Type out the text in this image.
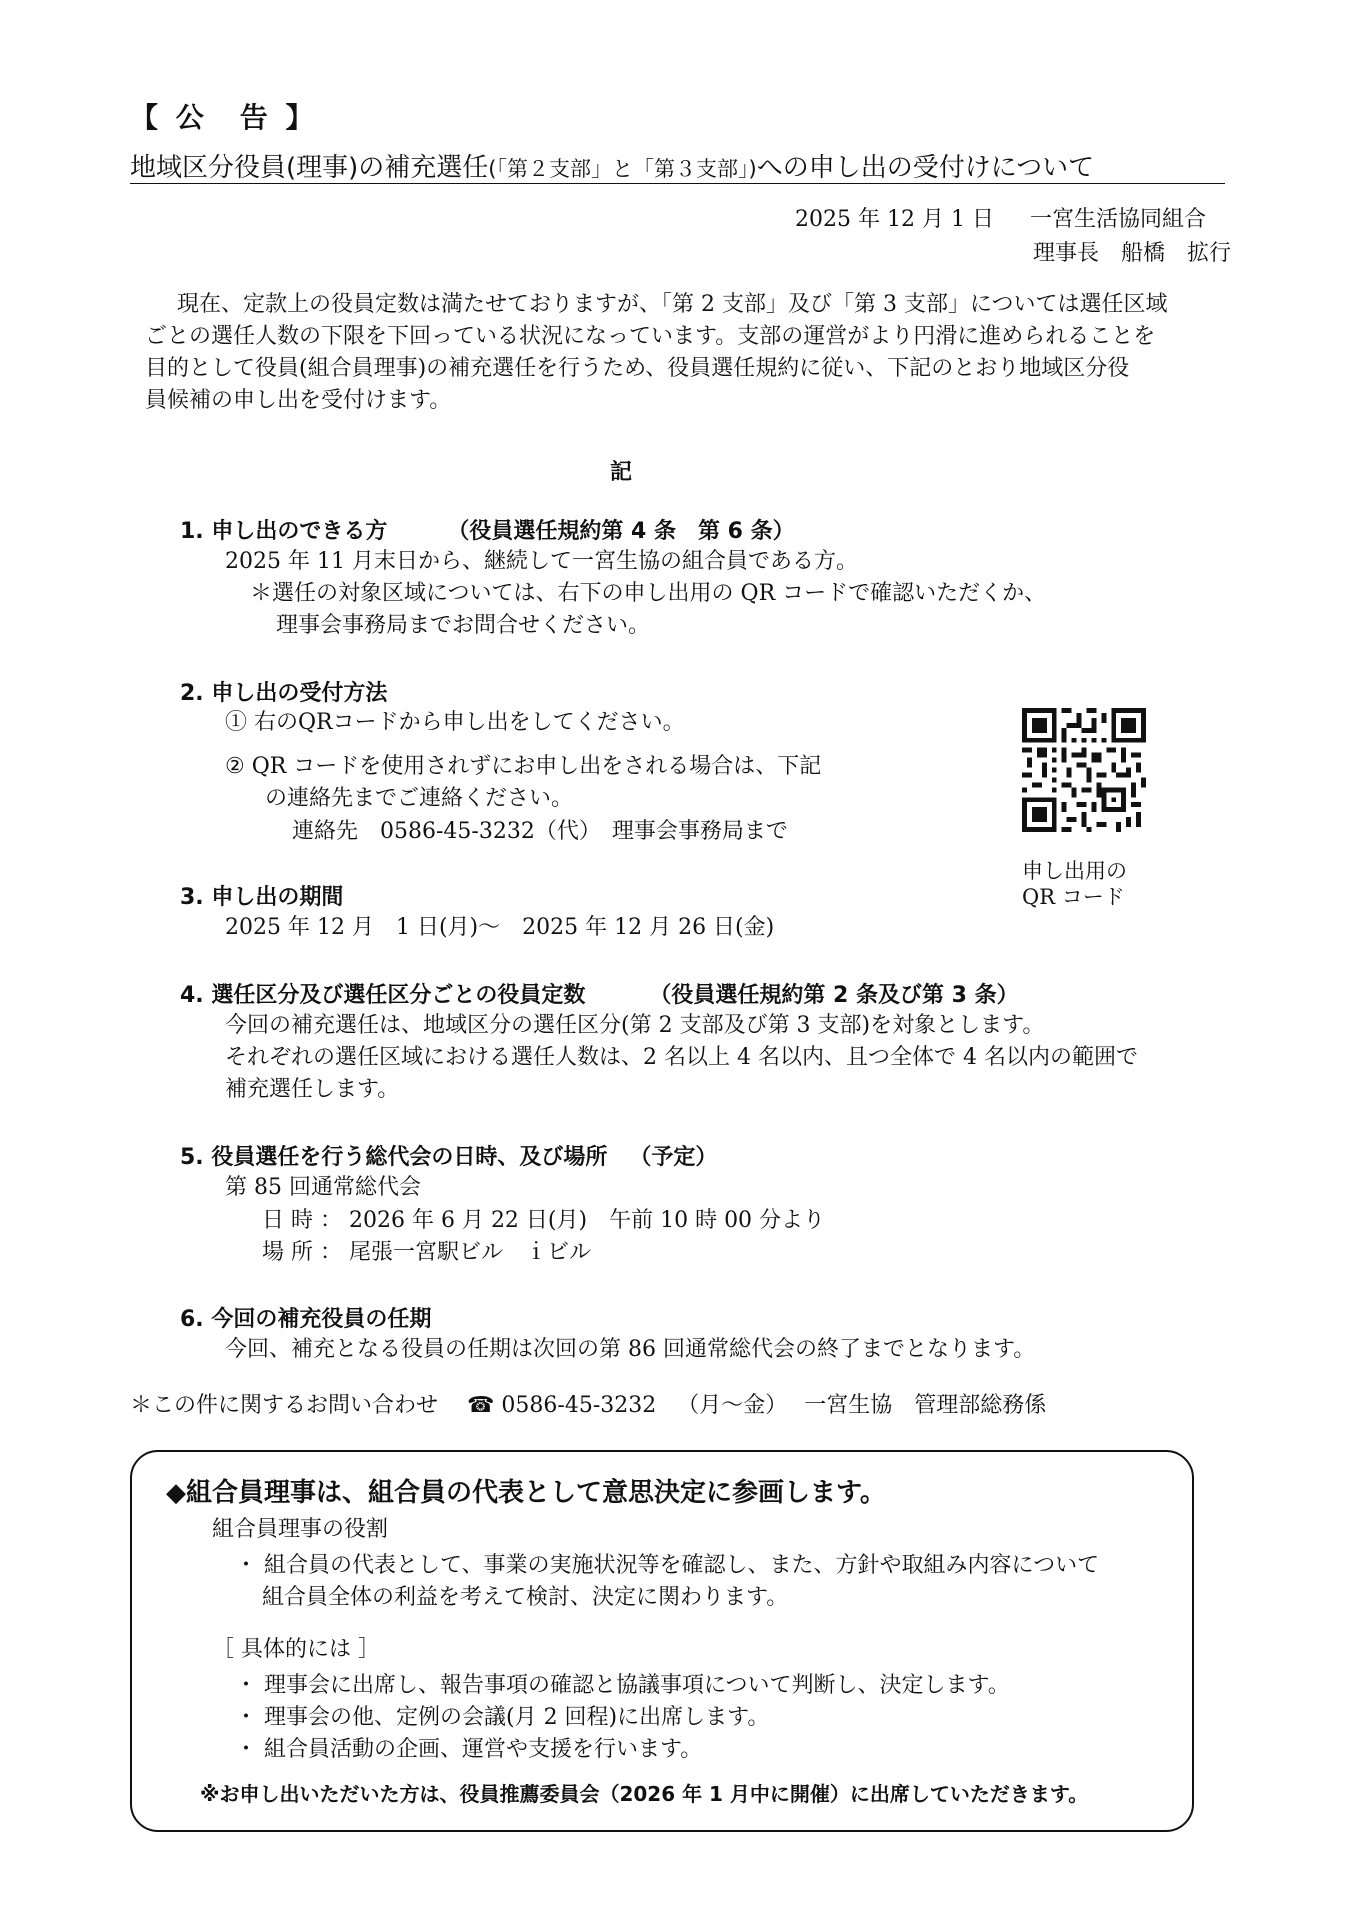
【 公　告 】
地域区分役員(理事)の補充選任(「第２支部」と「第３支部」)への申し出の受付けについて
2025 年 12 月 1 日 一宮生活協同組合
理事長　 船橋　拡行
現在、定款上の役員定数は満たせておりますが、「第 2 支部」及び「第 3 支部」については選任区域
ごとの選任人数の下限を下回っている状況になっています。支部の運営がより円滑に進められることを
目的として役員(組合員理事)の補充選任を行うため、役員選任規約に従い、下記のとおり地域区分役
員候補の申し出を受付けます。
記
1. 申し出のできる方	（役員選任規約第 4 条　第 6 条）
2025 年 11 月末日から、継続して一宮生協の組合員である方。
＊選任の対象区域については、右下の申し出用の QR コードで確認いただくか、
理事会事務局までお問合せください。
2. 申し出の受付方法
① 右のQRコードから申し出をしてください。
② QR コードを使用されずにお申し出をされる場合は、下記
の連絡先までご連絡ください。
連絡先　0586-45-3232（代）　理事会事務局まで
申し出用の
QR コード
3. 申し出の期間
2025 年 12 月　1 日(月)～　2025 年 12 月 26 日(金)
4. 選任区分及び選任区分ごとの役員定数	（役員選任規約第 2 条及び第 3 条）
今回の補充選任は、地域区分の選任区分(第 2 支部及び第 3 支部)を対象とします。
それぞれの選任区域における選任人数は、2 名以上 4 名以内、且つ全体で 4 名以内の範囲で
補充選任します。
5. 役員選任を行う総代会の日時、及び場所 （予定）
第 85 回通常総代会
日 時 ： 2026 年 6 月 22 日(月)　午前 10 時 00 分より
場 所 ： 尾張一宮駅ビル　ｉビル
6. 今回の補充役員の任期
今回、補充となる役員の任期は次回の第 86 回通常総代会の終了までとなります。
＊この件に関するお問い合わせ ☎ 0586-45-3232 （月～金） 一宮生協　管理部総務係
◆組合員理事は、組合員の代表として意思決定に参画します。
組合員理事の役割
・ 組合員の代表として、事業の実施状況等を確認し、また、方針や取組み内容について
組合員全体の利益を考えて検討、決定に関わります。
［ 具体的には ］
・ 理事会に出席し、報告事項の確認と協議事項について判断し、決定します。
・ 理事会の他、定例の会議(月 2 回程)に出席します。
・ 組合員活動の企画、運営や支援を行います。
※お申し出いただいた方は、役員推薦委員会（2026 年 1 月中に開催）に出席していただきます。
